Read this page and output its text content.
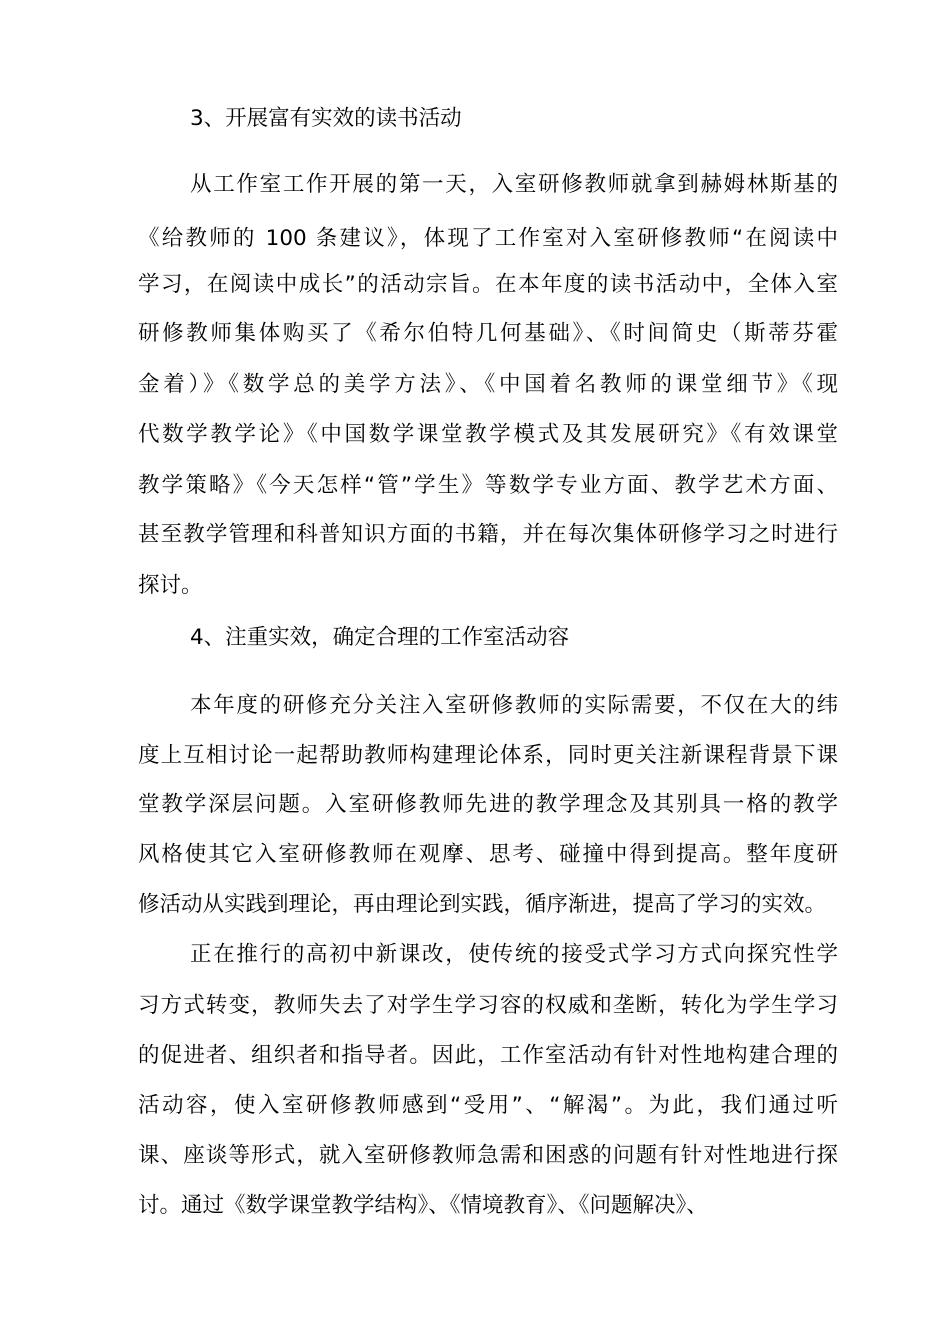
3、开展富有实效的读书活动
从工作室工作开展的第一天，入室研修教师就拿到赫姆林斯基的
《给教师的 100 条建议》，体现了工作室对入室研修教师“在阅读中
学习，在阅读中成长”的活动宗旨。在本年度的读书活动中，全体入室
研修教师集体购买了《希尔伯特几何基础》、《时间简史（斯蒂芬霍
金着）》《数学总的美学方法》、《中国着名教师的课堂细节》《现
代数学教学论》《中国数学课堂教学模式及其发展研究》《有效课堂
教学策略》《今天怎样“管”学生》等数学专业方面、教学艺术方面、
甚至教学管理和科普知识方面的书籍，并在每次集体研修学习之时进行
探讨。
4、注重实效，确定合理的工作室活动容
本年度的研修充分关注入室研修教师的实际需要，不仅在大的纬
度上互相讨论一起帮助教师构建理论体系，同时更关注新课程背景下课
堂教学深层问题。入室研修教师先进的教学理念及其别具一格的教学
风格使其它入室研修教师在观摩、思考、碰撞中得到提高。整年度研
修活动从实践到理论，再由理论到实践，循序渐进，提高了学习的实效。
正在推行的高初中新课改，使传统的接受式学习方式向探究性学
习方式转变，教师失去了对学生学习容的权威和垄断，转化为学生学习
的促进者、组织者和指导者。因此，工作室活动有针对性地构建合理的
活动容，使入室研修教师感到“受用”、“解渴”。为此，我们通过听
课、座谈等形式，就入室研修教师急需和困惑的问题有针对性地进行探
讨。通过《数学课堂教学结构》、《情境教育》、《问题解决》、
